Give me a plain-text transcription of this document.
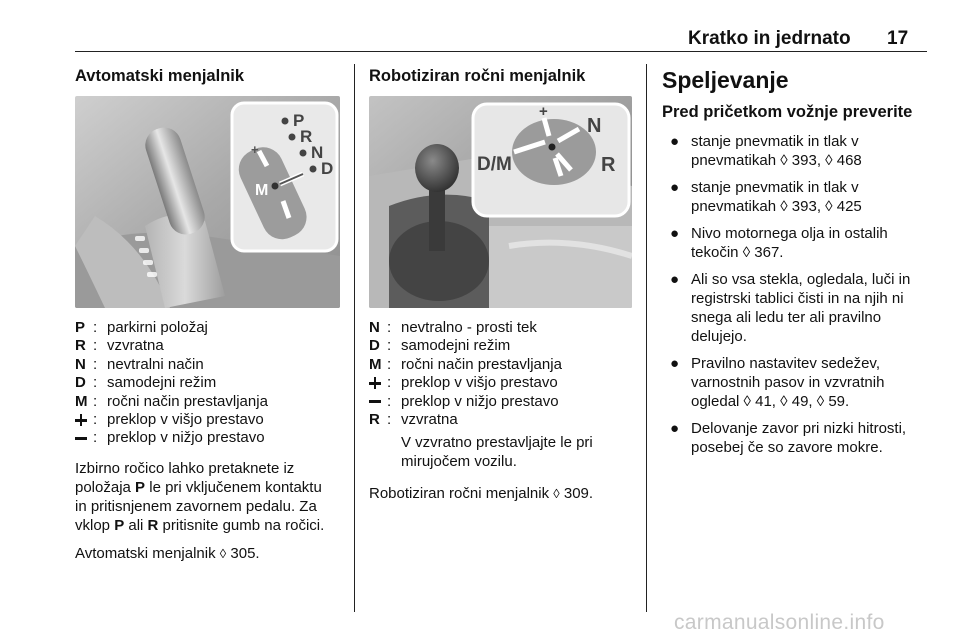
Kratko in jedrnato 17
Avtomatski menjalnik
P
R
N
D
M
+
P : parkirni položaj
R : vzvratna
N : nevtralni način
D : samodejni režim
M : ročni način prestavljanja
: preklop v višjo prestavo
: preklop v nižjo prestavo
Izbirno ročico lahko pretaknete iz
položaja P le pri vključenem kontaktu
in pritisnjenem zavornem pedalu. Za
vklop P ali R pritisnite gumb na ročici.
Avtomatski menjalnik ◊ 305.
Robotiziran ročni menjalnik
D/M
N
R
+
N : nevtralno - prosti tek
D : samodejni režim
M : ročni način prestavljanja
: preklop v višjo prestavo
: preklop v nižjo prestavo
R : vzvratna
V vzvratno prestavljajte le pri
mirujočem vozilu.
Robotiziran ročni menjalnik ◊ 309.
Speljevanje
Pred pričetkom vožnje preverite
● stanje pnevmatik in tlak v
pnevmatikah ◊ 393, ◊ 468
● stanje pnevmatik in tlak v
pnevmatikah ◊ 393, ◊ 425
● Nivo motornega olja in ostalih
tekočin ◊ 367.
● Ali so vsa stekla, ogledala, luči in
registrski tablici čisti in na njih ni
snega ali ledu ter ali pravilno
delujejo.
● Pravilno nastavitev sedežev,
varnostnih pasov in vzvratnih
ogledal ◊ 41, ◊ 49, ◊ 59.
● Delovanje zavor pri nizki hitrosti,
posebej če so zavore mokre.
carmanualsonline.info
